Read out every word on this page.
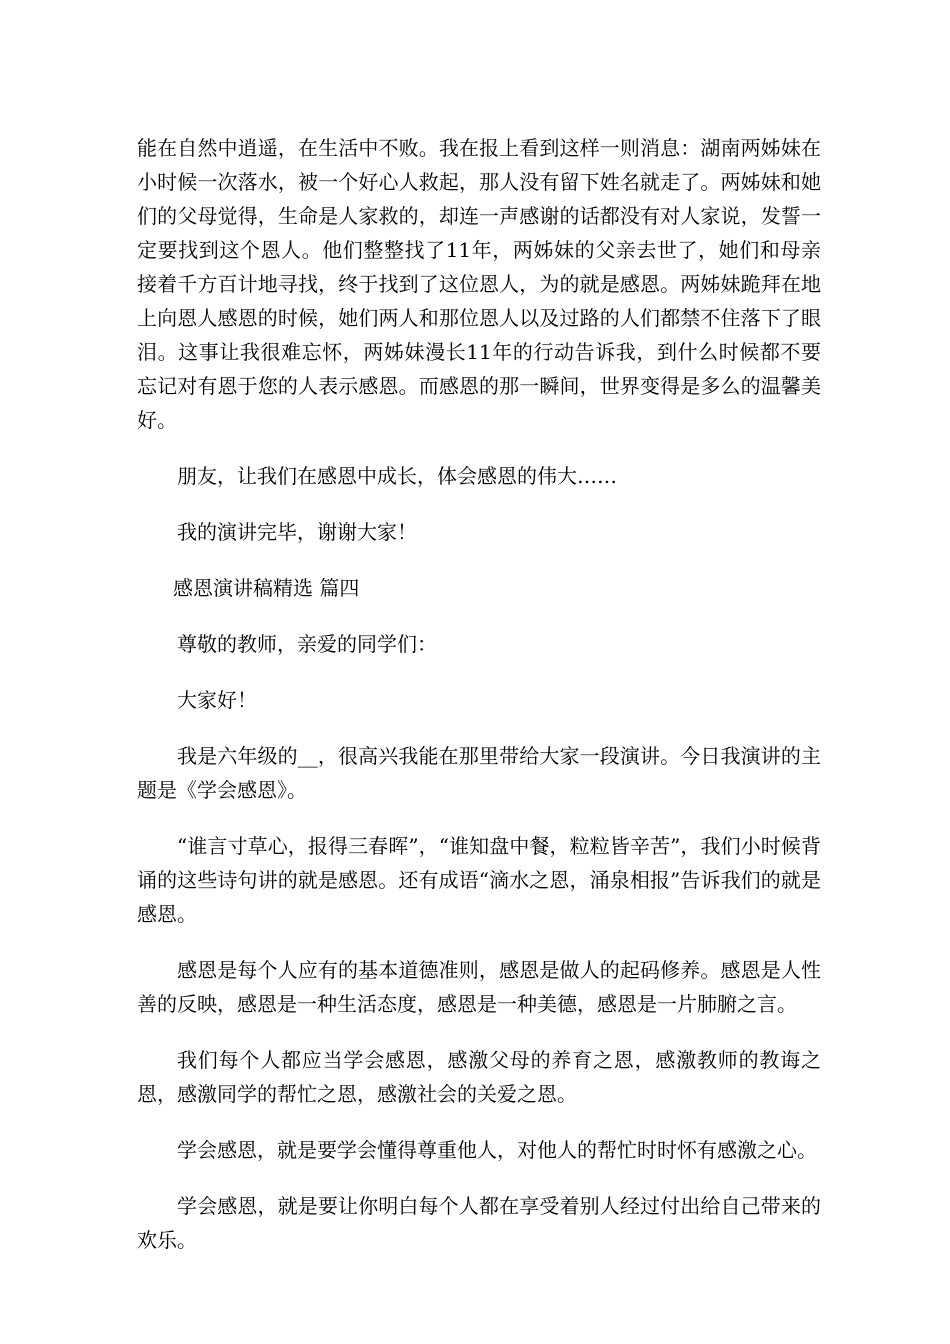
能在自然中逍遥，在生活中不败。我在报上看到这样一则消息：湖南两姊妹在小时候一次落水，被一个好心人救起，那人没有留下姓名就走了。两姊妹和她们的父母觉得，生命是人家救的，却连一声感谢的话都没有对人家说，发誓一定要找到这个恩人。他们整整找了11年，两姊妹的父亲去世了，她们和母亲接着千方百计地寻找，终于找到了这位恩人，为的就是感恩。两姊妹跪拜在地上向恩人感恩的时候，她们两人和那位恩人以及过路的人们都禁不住落下了眼泪。这事让我很难忘怀，两姊妹漫长11年的行动告诉我，到什么时候都不要忘记对有恩于您的人表示感恩。而感恩的那一瞬间，世界变得是多么的温馨美好。

朋友，让我们在感恩中成长，体会感恩的伟大……

我的演讲完毕，谢谢大家！

感恩演讲稿精选 篇四

尊敬的教师，亲爱的同学们：

大家好！

我是六年级的__，很高兴我能在那里带给大家一段演讲。今日我演讲的主题是《学会感恩》。

“谁言寸草心，报得三春晖”，“谁知盘中餐，粒粒皆辛苦”，我们小时候背诵的这些诗句讲的就是感恩。还有成语“滴水之恩，涌泉相报”告诉我们的就是感恩。

感恩是每个人应有的基本道德准则，感恩是做人的起码修养。感恩是人性善的反映，感恩是一种生活态度，感恩是一种美德，感恩是一片肺腑之言。

我们每个人都应当学会感恩，感激父母的养育之恩，感激教师的教诲之恩，感激同学的帮忙之恩，感激社会的关爱之恩。

学会感恩，就是要学会懂得尊重他人，对他人的帮忙时时怀有感激之心。

学会感恩，就是要让你明白每个人都在享受着别人经过付出给自己带来的欢乐。
